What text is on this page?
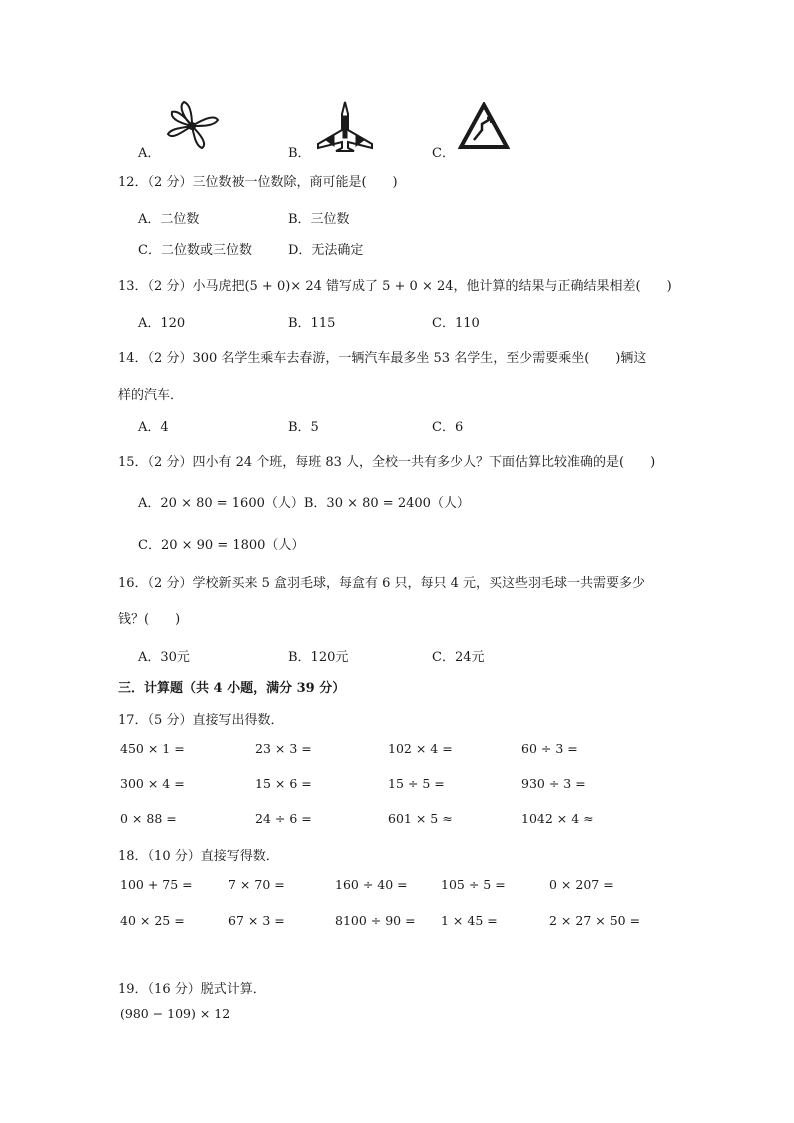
A．	B．	C．
12．（2 分）三位数被一位数除，商可能是(　　)
A．二位数	B．三位数
C．二位数或三位数	D．无法确定
13．（2 分）小马虎把(5 + 0)× 24 错写成了 5 + 0 × 24，他计算的结果与正确结果相差(　　)
A．120	B．115	C．110
14．（2 分）300 名学生乘车去春游，一辆汽车最多坐 53 名学生，至少需要乘坐(　　)辆这
样的汽车．
A．4	B．5	C．6
15．（2 分）四小有 24 个班，每班 83 人，全校一共有多少人？下面估算比较准确的是(　　)
A．20 × 80 = 1600（人）B．30 × 80 = 2400（人）
C．20 × 90 = 1800（人）
16．（2 分）学校新买来 5 盒羽毛球，每盒有 6 只，每只 4 元，买这些羽毛球一共需要多少
钱？(　　)
A．30元	B．120元	C．24元
三．计算题（共 4 小题，满分 39 分）
17．（5 分）直接写出得数．
450 × 1 =	23 × 3 =	102 × 4 =	60 ÷ 3 =
300 × 4 =	15 × 6 =	15 ÷ 5 =	930 ÷ 3 =
0 × 88 =	24 ÷ 6 =	601 × 5 ≈	1042 × 4 ≈
18．（10 分）直接写得数．
100 + 75 =	7 × 70 =	160 ÷ 40 =	105 ÷ 5 =	0 × 207 =
40 × 25 =	67 × 3 =	8100 ÷ 90 = 1 × 45 =	2 × 27 × 50 =
19．（16 分）脱式计算．
(980 − 109) × 12
